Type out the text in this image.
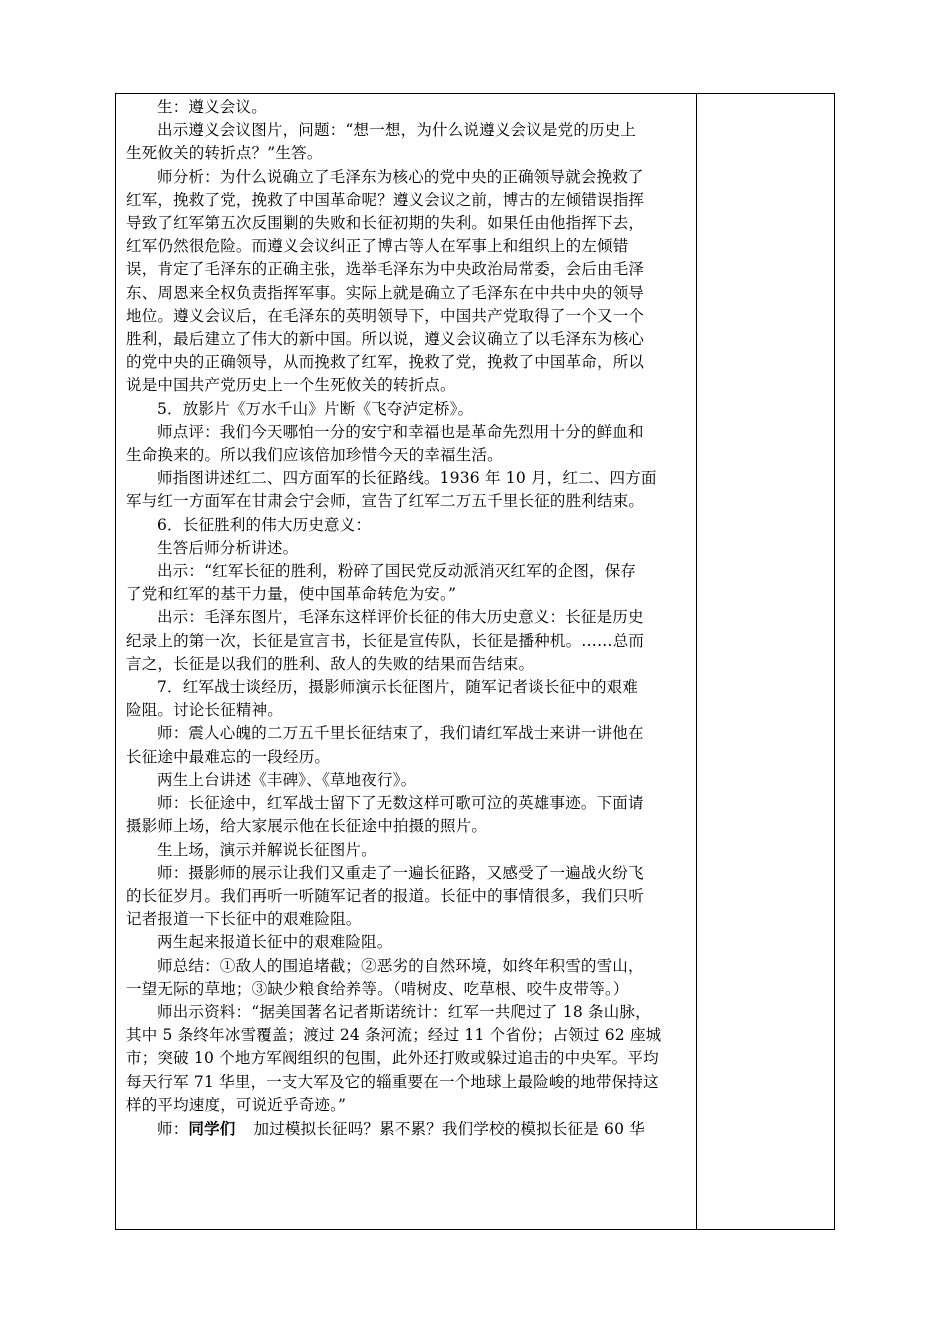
生：遵义会议。

出示遵义会议图片，问题：“想一想，为什么说遵义会议是党的历史上

生死攸关的转折点？”生答。

师分析：为什么说确立了毛泽东为核心的党中央的正确领导就会挽救了

红军，挽救了党，挽救了中国革命呢？遵义会议之前，博古的左倾错误指挥

导致了红军第五次反围剿的失败和长征初期的失利。如果任由他指挥下去，

红军仍然很危险。而遵义会议纠正了博古等人在军事上和组织上的左倾错

误，肯定了毛泽东的正确主张，选举毛泽东为中央政治局常委，会后由毛泽

东、周恩来全权负责指挥军事。实际上就是确立了毛泽东在中共中央的领导

地位。遵义会议后，在毛泽东的英明领导下，中国共产党取得了一个又一个

胜利，最后建立了伟大的新中国。所以说，遵义会议确立了以毛泽东为核心

的党中央的正确领导，从而挽救了红军，挽救了党，挽救了中国革命，所以

说是中国共产党历史上一个生死攸关的转折点。

5．放影片《万水千山》片断《飞夺泸定桥》。

师点评：我们今天哪怕一分的安宁和幸福也是革命先烈用十分的鲜血和

生命换来的。所以我们应该倍加珍惜今天的幸福生活。

师指图讲述红二、四方面军的长征路线。1936 年 10 月，红二、四方面

军与红一方面军在甘肃会宁会师，宣告了红军二万五千里长征的胜利结束。

6．长征胜利的伟大历史意义：

生答后师分析讲述。

出示：“红军长征的胜利，粉碎了国民党反动派消灭红军的企图，保存

了党和红军的基干力量，使中国革命转危为安。”

出示：毛泽东图片，毛泽东这样评价长征的伟大历史意义：长征是历史

纪录上的第一次，长征是宣言书，长征是宣传队，长征是播种机。……总而

言之，长征是以我们的胜利、敌人的失败的结果而告结束。

7．红军战士谈经历，摄影师演示长征图片，随军记者谈长征中的艰难

险阻。讨论长征精神。

师：震人心魄的二万五千里长征结束了，我们请红军战士来讲一讲他在

长征途中最难忘的一段经历。

两生上台讲述《丰碑》、《草地夜行》。

师：长征途中，红军战士留下了无数这样可歌可泣的英雄事迹。下面请

摄影师上场，给大家展示他在长征途中拍摄的照片。

生上场，演示并解说长征图片。

师：摄影师的展示让我们又重走了一遍长征路，又感受了一遍战火纷飞

的长征岁月。我们再听一听随军记者的报道。长征中的事情很多，我们只听

记者报道一下长征中的艰难险阻。

两生起来报道长征中的艰难险阻。

师总结：①敌人的围追堵截；②恶劣的自然环境，如终年积雪的雪山，

一望无际的草地；③缺少粮食给养等。（啃树皮、吃草根、咬牛皮带等。）

师出示资料：“据美国著名记者斯诺统计：红军一共爬过了 18 条山脉，

其中 5 条终年冰雪覆盖；渡过 24 条河流；经过 11 个省份；占领过 62 座城

市；突破 10 个地方军阀组织的包围，此外还打败或躲过追击的中央军。平均

每天行军 71 华里，一支大军及它的辎重要在一个地球上最险峻的地带保持这

样的平均速度，可说近乎奇迹。”

师：同学们 加过模拟长征吗？累不累？我们学校的模拟长征是 60 华
